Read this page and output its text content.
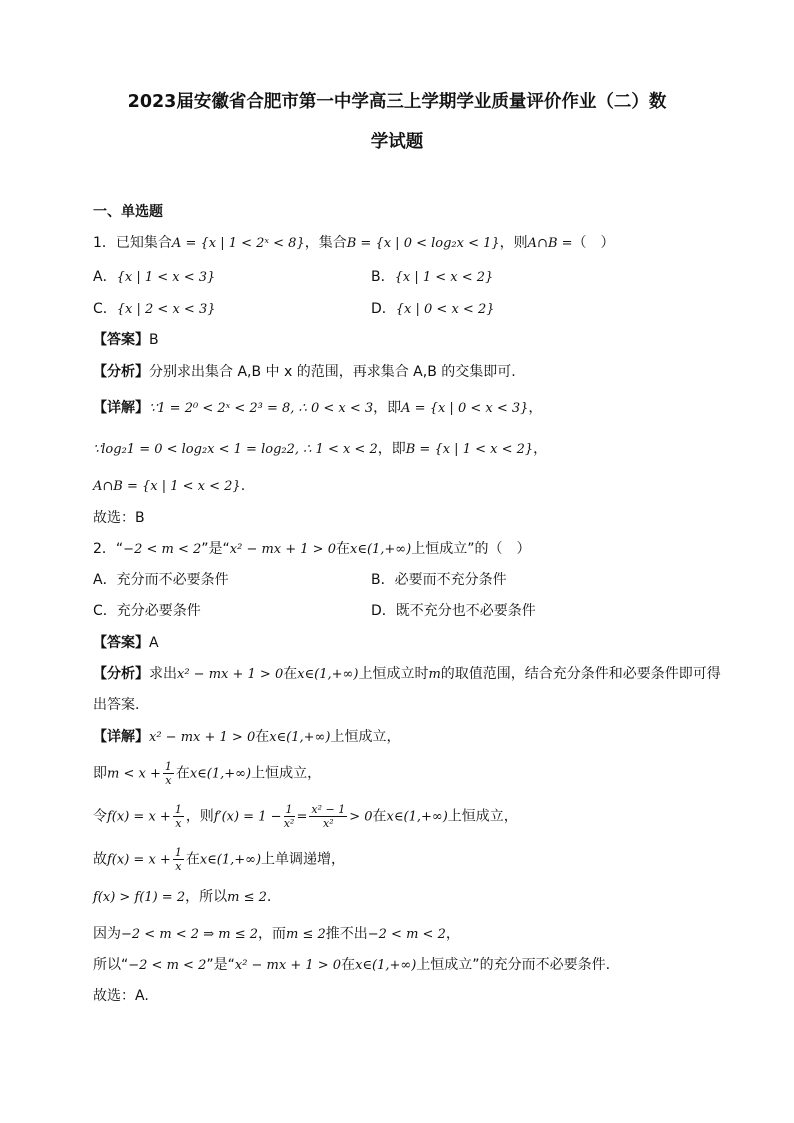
2023届安徽省合肥市第一中学高三上学期学业质量评价作业（二）数
学试题
一、单选题
1．已知集合A = {x | 1 < 2ˣ < 8}，集合B = {x | 0 < log₂x < 1}，则A∩B =（　）
A．{x | 1 < x < 3}	B．{x | 1 < x < 2}
C．{x | 2 < x < 3}	D．{x | 0 < x < 2}
【答案】B
【分析】分别求出集合 A,B 中 x 的范围，再求集合 A,B 的交集即可.
【详解】∵1 = 2⁰ < 2ˣ < 2³ = 8, ∴ 0 < x < 3，即A = {x | 0 < x < 3}，
∵log₂1 = 0 < log₂x < 1 = log₂2, ∴ 1 < x < 2，即B = {x | 1 < x < 2}，
A∩B = {x | 1 < x < 2}.
故选：B
2．“−2 < m < 2”是“x² − mx + 1 > 0在x∈(1,+∞)上恒成立”的（　）
A．充分而不必要条件	B．必要而不充分条件
C．充分必要条件	D．既不充分也不必要条件
【答案】A
【分析】求出x² − mx + 1 > 0在x∈(1,+∞)上恒成立时m的取值范围，结合充分条件和必要条件即可得
出答案.
【详解】x² − mx + 1 > 0在x∈(1,+∞)上恒成立，
即$m < x + \frac{1}{x}$ 在x∈(1,+∞)上恒成立，
令$f(x) = x + \frac{1}{x}$ ，则$f'(x) = 1 - \frac{1}{\text{x²}} = \frac{\text{x² − 1}}{\text{x²}} > 0$在x∈(1,+∞)上恒成立，
故$f(x) = x + \frac{1}{x}$ 在x∈(1,+∞)上单调递增，
f(x) > f(1) = 2，所以m ≤ 2.
因为−2 < m < 2 ⇒ m ≤ 2，而m ≤ 2推不出−2 < m < 2，
所以“−2 < m < 2”是“x² − mx + 1 > 0在x∈(1,+∞)上恒成立”的充分而不必要条件.
故选：A.
